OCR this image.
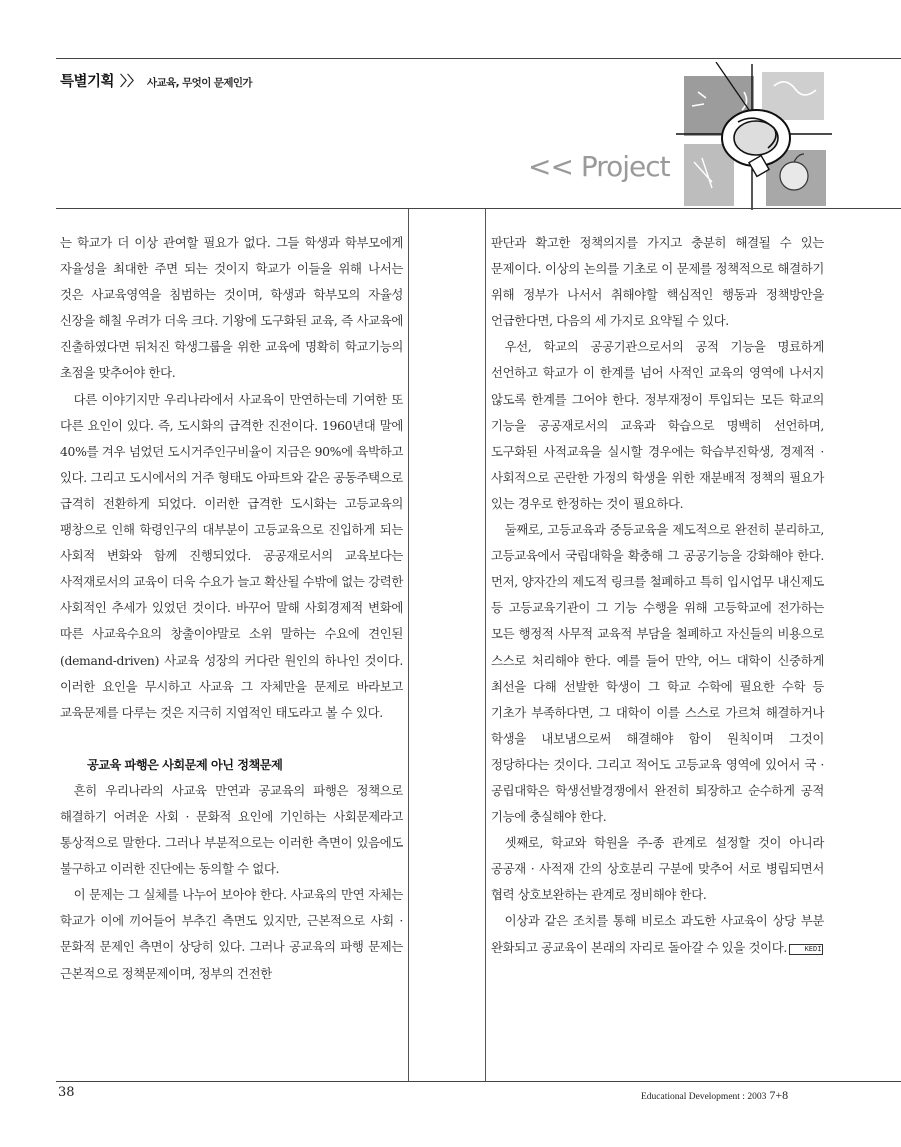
특별기획 〉〉 사교육, 무엇이 문제인가
<< Project

는 학교가 더 이상 관여할 필요가 없다. 그들 학생과 학부모에게 자율성을 최대한 주면 되는 것이지 학교가 이들을 위해 나서는 것은 사교육영역을 침범하는 것이며, 학생과 학부모의 자율성 신장을 해칠 우려가 더욱 크다. 기왕에 도구화된 교육, 즉 사교육에 진출하였다면 뒤처진 학생그룹을 위한 교육에 명확히 학교기능의 초점을 맞추어야 한다.

다른 이야기지만 우리나라에서 사교육이 만연하는데 기여한 또 다른 요인이 있다. 즉, 도시화의 급격한 진전이다. 1960년대 말에 40%를 겨우 넘었던 도시거주인구비율이 지금은 90%에 육박하고 있다. 그리고 도시에서의 거주 형태도 아파트와 같은 공동주택으로 급격히 전환하게 되었다. 이러한 급격한 도시화는 고등교육의 팽창으로 인해 학령인구의 대부분이 고등교육으로 진입하게 되는 사회적 변화와 함께 진행되었다. 공공재로서의 교육보다는 사적재로서의 교육이 더욱 수요가 늘고 확산될 수밖에 없는 강력한 사회적인 추세가 있었던 것이다. 바꾸어 말해 사회경제적 변화에 따른 사교육수요의 창출이야말로 소위 말하는 수요에 견인된 (demand-driven) 사교육 성장의 커다란 원인의 하나인 것이다. 이러한 요인을 무시하고 사교육 그 자체만을 문제로 바라보고 교육문제를 다루는 것은 지극히 지엽적인 태도라고 볼 수 있다.

공교육 파행은 사회문제 아닌 정책문제

흔히 우리나라의 사교육 만연과 공교육의 파행은 정책으로 해결하기 어려운 사회 · 문화적 요인에 기인하는 사회문제라고 통상적으로 말한다. 그러나 부분적으로는 이러한 측면이 있음에도 불구하고 이러한 진단에는 동의할 수 없다.

이 문제는 그 실체를 나누어 보아야 한다. 사교육의 만연 자체는 학교가 이에 끼어들어 부추긴 측면도 있지만, 근본적으로 사회 · 문화적 문제인 측면이 상당히 있다. 그러나 공교육의 파행 문제는 근본적으로 정책문제이며, 정부의 건전한

판단과 확고한 정책의지를 가지고 충분히 해결될 수 있는 문제이다. 이상의 논의를 기초로 이 문제를 정책적으로 해결하기 위해 정부가 나서서 취해야할 핵심적인 행동과 정책방안을 언급한다면, 다음의 세 가지로 요약될 수 있다.

우선, 학교의 공공기관으로서의 공적 기능을 명료하게 선언하고 학교가 이 한계를 넘어 사적인 교육의 영역에 나서지 않도록 한계를 그어야 한다. 정부재정이 투입되는 모든 학교의 기능을 공공재로서의 교육과 학습으로 명백히 선언하며, 도구화된 사적교육을 실시할 경우에는 학습부진학생, 경제적 · 사회적으로 곤란한 가정의 학생을 위한 재분배적 정책의 필요가 있는 경우로 한정하는 것이 필요하다.

둘째로, 고등교육과 중등교육을 제도적으로 완전히 분리하고, 고등교육에서 국립대학을 확충해 그 공공기능을 강화해야 한다. 먼저, 양자간의 제도적 링크를 철폐하고 특히 입시업무 내신제도 등 고등교육기관이 그 기능 수행을 위해 고등학교에 전가하는 모든 행정적 사무적 교육적 부담을 철폐하고 자신들의 비용으로 스스로 처리해야 한다. 예를 들어 만약, 어느 대학이 신중하게 최선을 다해 선발한 학생이 그 학교 수학에 필요한 수학 등 기초가 부족하다면, 그 대학이 이를 스스로 가르쳐 해결하거나 학생을 내보냄으로써 해결해야 함이 원칙이며 그것이 정당하다는 것이다. 그리고 적어도 고등교육 영역에 있어서 국 · 공립대학은 학생선발경쟁에서 완전히 퇴장하고 순수하게 공적 기능에 충실해야 한다.

셋째로, 학교와 학원을 주-종 관계로 설정할 것이 아니라 공공재 · 사적재 간의 상호분리 구분에 맞추어 서로 병립되면서 협력 상호보완하는 관계로 정비해야 한다.

이상과 같은 조치를 통해 비로소 과도한 사교육이 상당 부분 완화되고 공교육이 본래의 자리로 돌아갈 수 있을 것이다.	KEDI

38	Educational Development : 2003 7+8
